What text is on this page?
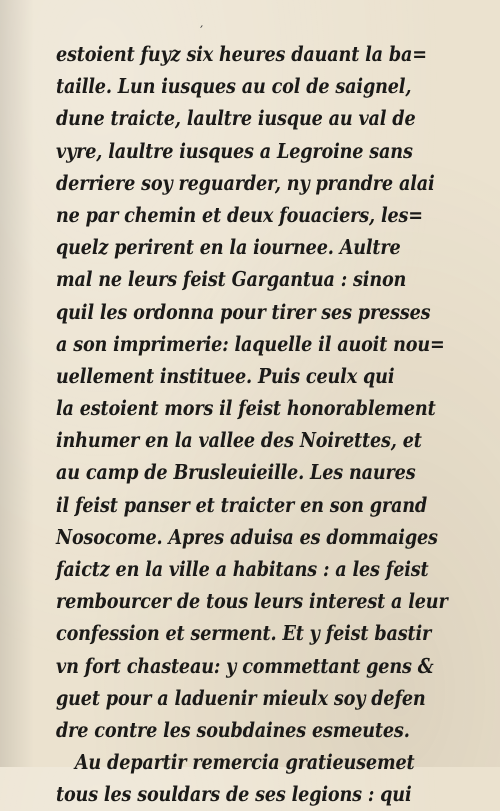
′
estoient fuyz six heures dauant la ba=
taille. Lun iusques au col de saignel,
dune traicte, laultre iusque au val de
vyre, laultre iusques a Legroine sans
derriere soy reguarder, ny prandre alai
ne par chemin et deux fouaciers, les=
quelz perirent en la iournee. Aultre
mal ne leurs feist Gargantua : sinon
quil les ordonna pour tirer ses presses
a son imprimerie: laquelle il auoit nou=
uellement instituee. Puis ceulx qui
la estoient mors il feist honorablement
inhumer en la vallee des Noirettes, et
au camp de Brusleuieille. Les naures
il feist panser et traicter en son grand
Nosocome. Apres aduisa es dommaiges
faictz en la ville a habitans : a les feist
rembourcer de tous leurs interest a leur
confession et serment. Et y feist bastir
vn fort chasteau: y commettant gens &
guet pour a laduenir mieulx soy defen
dre contre les soubdaines esmeutes.
Au departir remercia gratieusemet
tous les souldars de ses legions : qui
